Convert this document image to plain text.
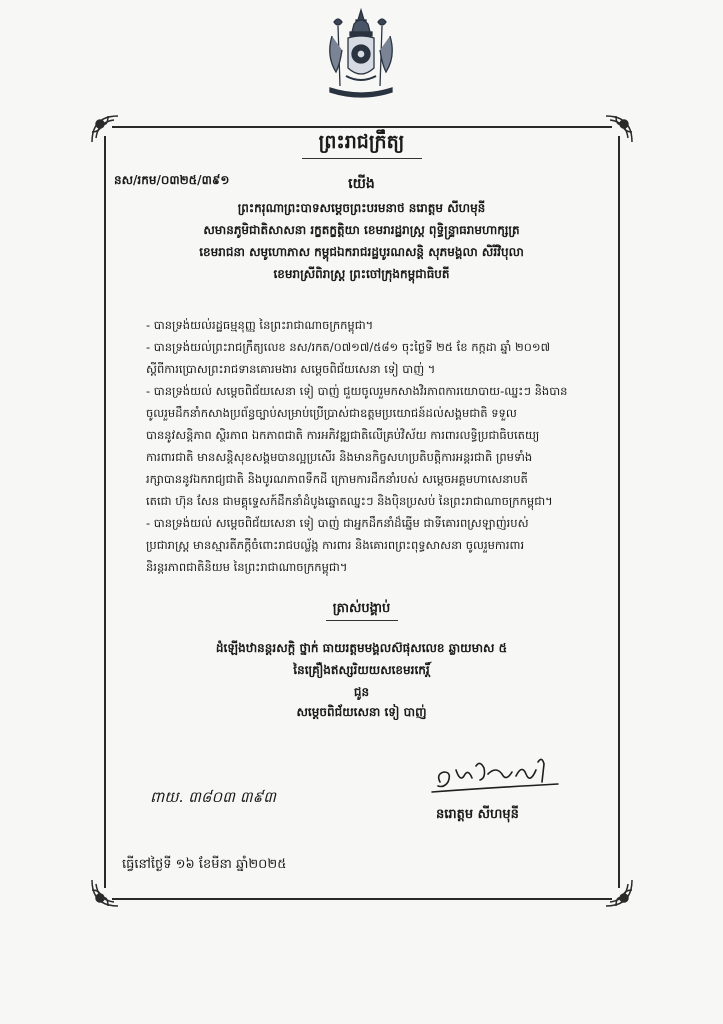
ព្រះរាជក្រឹត្យ
នស/រកម/០៣២៥/៣៩១	យើង
ព្រះករុណាព្រះបាទសម្ដេចព្រះបរមនាថ នរោត្តម សីហមុនី
សមានភូមិជាតិសាសនា រក្ខតក្ខត្តិយា ខេមរារដ្ឋរាស្ត្រ ពុទ្ធិន្ទ្រាធរាមហាក្សត្រ
ខេមរាជនា សមូហោភាស កម្ពុជឯករាជរដ្ឋបូរណសន្តិ សុភមង្គលា សិរីវិបុលា
ខេមរាស្រីពិរាស្ត្រ ព្រះចៅក្រុងកម្ពុជាធិបតី
- បានទ្រង់យល់រដ្ឋធម្មនុញ្ញ នៃព្រះរាជាណាចក្រកម្ពុជា។
- បានទ្រង់យល់ព្រះរាជក្រឹត្យលេខ នស/រកត/០៧១៧/៥៨១ ចុះថ្ងៃទី ២៥ ខែ កក្កដា ឆ្នាំ ២០១៧
ស្ដីពីការប្រោសព្រះរាជទានគោរមងារ សម្ដេចពិជ័យសេនា ទៀ បាញ់ ។
- បានទ្រង់យល់ សម្ដេចពិជ័យសេនា ទៀ បាញ់ ជួយចូលរួមកសាងវិរភាពការយោបាយ-ឈ្នះៗ និងបាន
ចូលរួមដឹកនាំកសាងប្រព័ន្ធច្បាប់សម្រាប់ប្រើប្រាស់ជាឧត្តមប្រយោជន៍ដល់សង្គមជាតិ ទទួល
បាននូវសន្តិភាព ស្ថិរភាព ឯកភាពជាតិ ការអភិវឌ្ឍជាតិលើគ្រប់វិស័យ ការពារលទ្ធិប្រជាធិបតេយ្យ
ការពារជាតិ មានសន្តិសុខសង្គមបានល្អប្រសើរ និងមានកិច្ចសហប្រតិបត្តិការអន្តរជាតិ ព្រមទាំង
រក្សាបាននូវឯករាជ្យជាតិ និងបូរណភាពទឹកដី ក្រោមការដឹកនាំរបស់ សម្ដេចអគ្គមហាសេនាបតី
តេជោ ហ៊ុន សែន ជាមគ្គុទ្ទេសក៍ដឹកនាំដំបូងឆ្នោតឈ្នះៗ និងប៉ិនប្រសប់ នៃព្រះរាជាណាចក្រកម្ពុជា។
- បានទ្រង់យល់ សម្ដេចពិជ័យសេនា ទៀ បាញ់ ជាអ្នកដឹកនាំដ៏ឆ្នើម ជាទីគោរពស្រឡាញ់របស់
ប្រជារាស្ត្រ មានស្មារតីភក្ដីចំពោះរាជបល្ល័ង្ក ការពារ និងគោរពព្រះពុទ្ធសាសនា ចូលរួមការពារ
និរន្តរភាពជាតិនិយម នៃព្រះរាជាណាចក្រកម្ពុជា។
ត្រាស់បង្គាប់
ដំឡើងឋានន្តរសក្តិ ថ្នាក់ ធាយរត្តមមង្គលស៊ផុសលេខ ឆ្លាយមាស ៥
នៃគ្រឿងឥស្សរិយយសខេមរកេរ្តិ៍
ជូន
សម្ដេចពិជ័យសេនា ទៀ បាញ់
ពាយ. ៣៨០៣ ៣៩៣
នរោត្តម សីហមុនី
ធ្វើនៅថ្ងៃទី ១៦ ខែមីនា ឆ្នាំ២០២៥
